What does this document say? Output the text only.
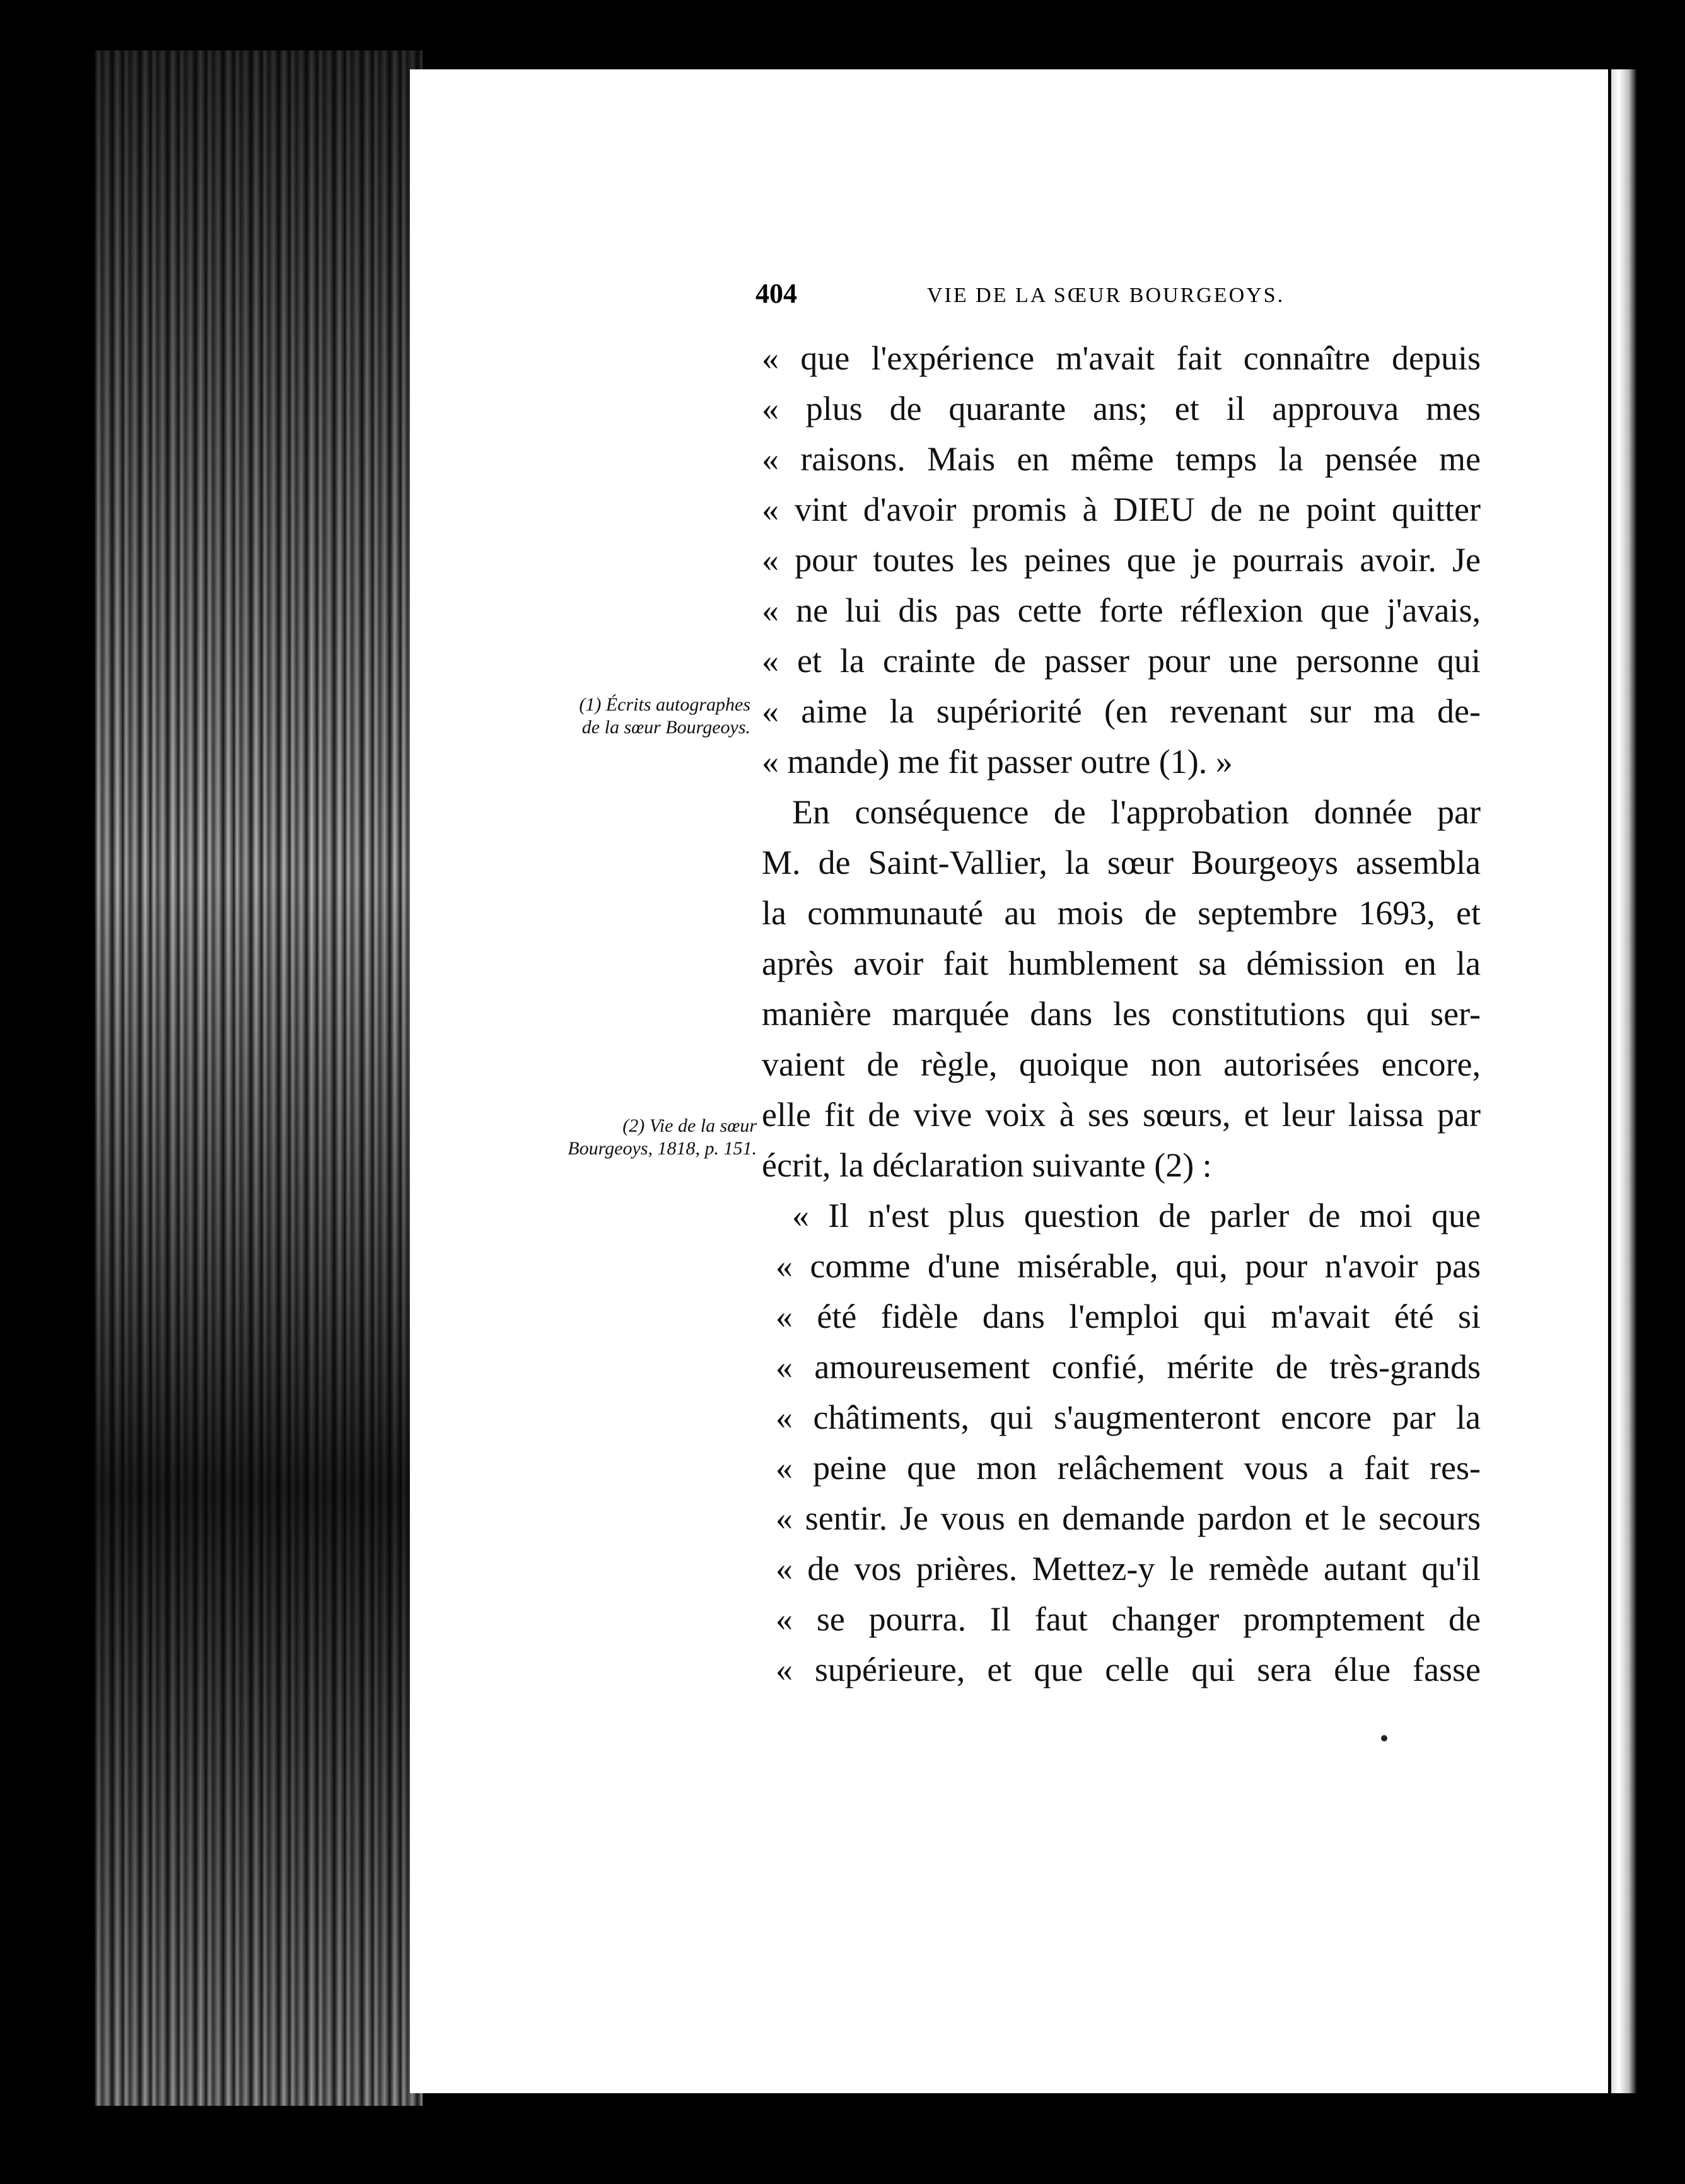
404	VIE DE LA SŒUR BOURGEOYS.
(1) Écrits autographes de la sœur Bourgeoys.
(2) Vie de la sœur Bourgeoys, 1818, p. 151.
« que l'expérience m'avait fait connaître depuis
« plus de quarante ans; et il approuva mes
« raisons. Mais en même temps la pensée me
« vint d'avoir promis à DIEU de ne point quitter
« pour toutes les peines que je pourrais avoir. Je
« ne lui dis pas cette forte réflexion que j'avais,
« et la crainte de passer pour une personne qui
« aime la supériorité (en revenant sur ma de-
« mande) me fit passer outre (1). »
En conséquence de l'approbation donnée par
M. de Saint-Vallier, la sœur Bourgeoys assembla
la communauté au mois de septembre 1693, et
après avoir fait humblement sa démission en la
manière marquée dans les constitutions qui ser-
vaient de règle, quoique non autorisées encore,
elle fit de vive voix à ses sœurs, et leur laissa par
écrit, la déclaration suivante (2) :
« Il n'est plus question de parler de moi que
« comme d'une misérable, qui, pour n'avoir pas
« été fidèle dans l'emploi qui m'avait été si
« amoureusement confié, mérite de très-grands
« châtiments, qui s'augmenteront encore par la
« peine que mon relâchement vous a fait res-
« sentir. Je vous en demande pardon et le secours
« de vos prières. Mettez-y le remède autant qu'il
« se pourra. Il faut changer promptement de
« supérieure, et que celle qui sera élue fasse
